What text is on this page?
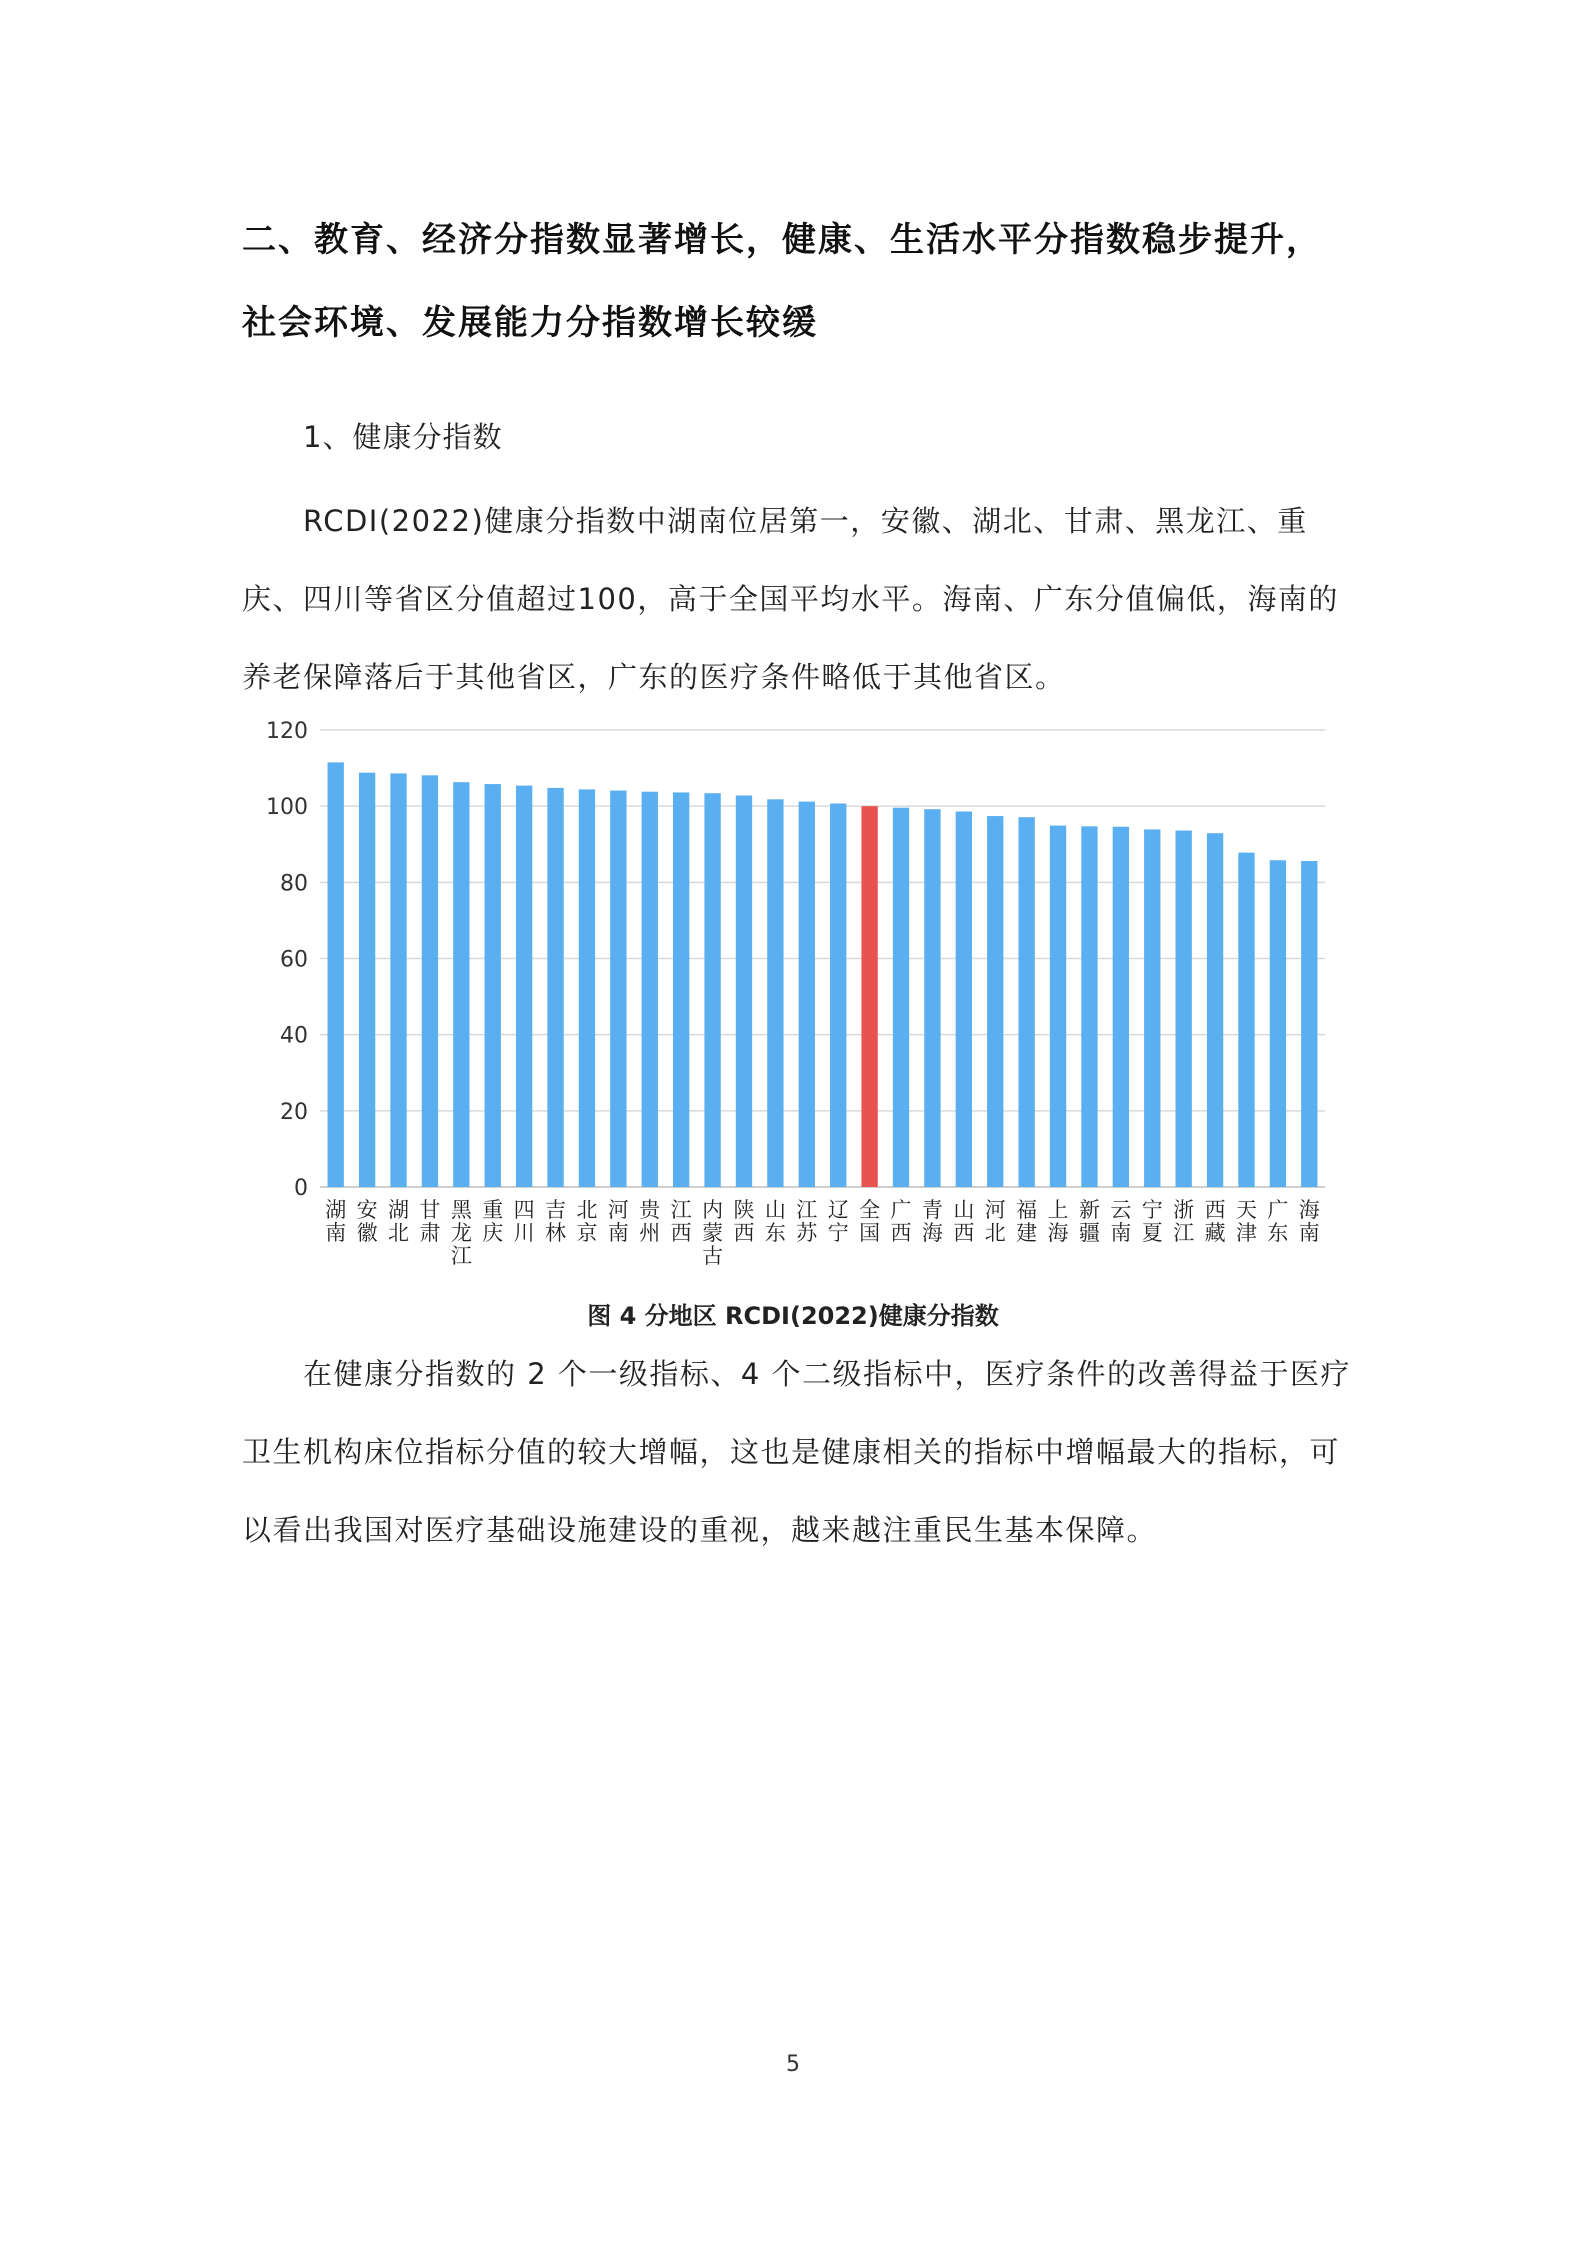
二、教育、经济分指数显著增长，健康、生活水平分指数稳步提升，
社会环境、发展能力分指数增长较缓
1、健康分指数

RCDI(2022)健康分指数中湖南位居第一，安徽、湖北、甘肃、黑龙江、重庆、四川等省区分值超过100，高于全国平均水平。海南、广东分值偏低，海南的养老保障落后于其他省区，广东的医疗条件略低于其他省区。

0
20
40
60
80
100
120
湖南
安徽
湖北
甘肃
黑龙江
重庆
四川
吉林
北京
河南
贵州
江西
内蒙古
陕西
山东
江苏
辽宁
全国
广西
青海
山西
河北
福建
上海
新疆
云南
宁夏
浙江
西藏
天津
广东
海南
图 4 分地区 RCDI(2022)健康分指数

在健康分指数的 2 个一级指标、4 个二级指标中，医疗条件的改善得益于医疗卫生机构床位指标分值的较大增幅，这也是健康相关的指标中增幅最大的指标，可以看出我国对医疗基础设施建设的重视，越来越注重民生基本保障。

5
